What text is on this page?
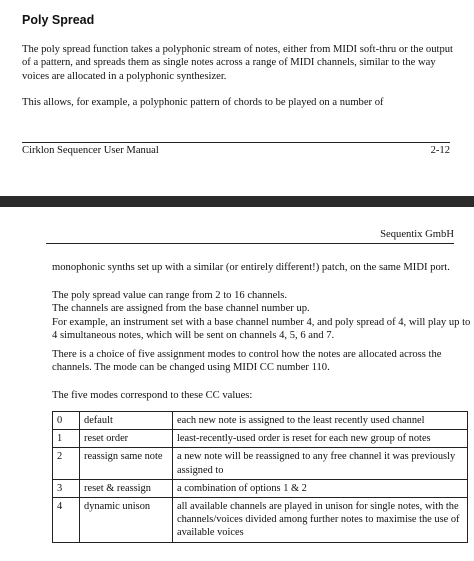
Poly Spread

The poly spread function takes a polyphonic stream of notes, either from MIDI soft-thru or the output of a pattern, and spreads them as single notes across a range of MIDI channels, similar to the way voices are allocated in a polyphonic synthesizer.

This allows, for example, a polyphonic pattern of chords to be played on a number of

Cirklon Sequencer User Manual	2-12
Sequentix GmbH

monophonic synths set up with a similar (or entirely different!) patch, on the same MIDI port.

The poly spread value can range from 2 to 16 channels.
The channels are assigned from the base channel number up.
For example, an instrument set with a base channel number 4, and poly spread of 4, will play up to 4 simultaneous notes, which will be sent on channels 4, 5, 6 and 7.

There is a choice of five assignment modes to control how the notes are allocated across the channels. The mode can be changed using MIDI CC number 110.

The five modes correspond to these CC values:

0	default	each new note is assigned to the least recently used channel
1	reset order	least-recently-used order is reset for each new group of notes
2	reassign same note	a new note will be reassigned to any free channel it was previously assigned to
3	reset & reassign	a combination of options 1 & 2
4	dynamic unison	all available channels are played in unison for single notes, with the channels/voices divided among further notes to maximise the use of available voices
